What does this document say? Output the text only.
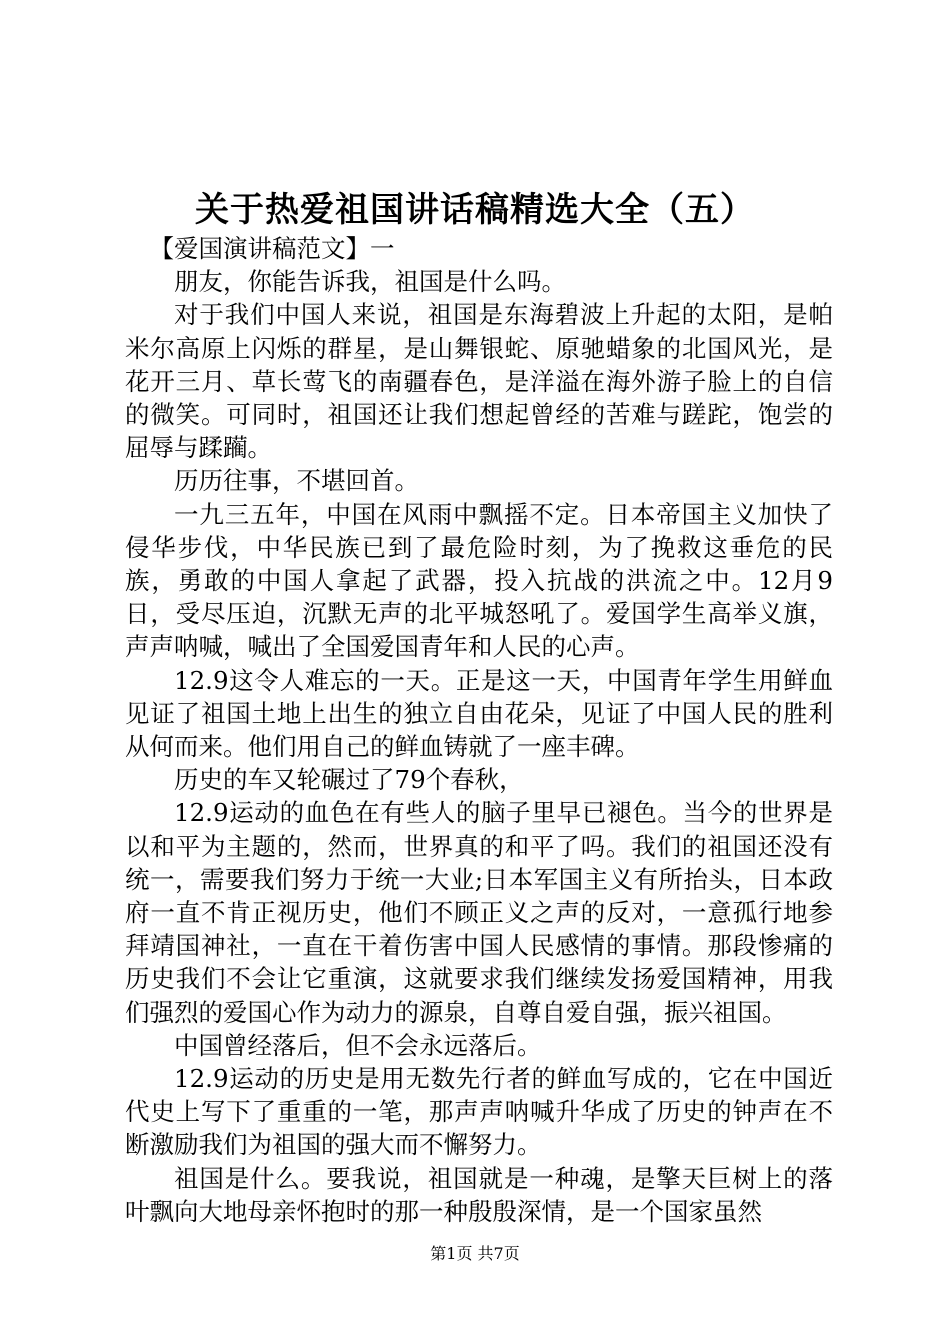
关于热爱祖国讲话稿精选大全（五）

【爱国演讲稿范文】一

朋友，你能告诉我，祖国是什么吗。

对于我们中国人来说，祖国是东海碧波上升起的太阳，是帕米尔高原上闪烁的群星，是山舞银蛇、原驰蜡象的北国风光，是花开三月、草长莺飞的南疆春色，是洋溢在海外游子脸上的自信的微笑。可同时，祖国还让我们想起曾经的苦难与蹉跎，饱尝的屈辱与蹂躏。

历历往事，不堪回首。

一九三五年，中国在风雨中飘摇不定。日本帝国主义加快了侵华步伐，中华民族已到了最危险时刻，为了挽救这垂危的民族，勇敢的中国人拿起了武器，投入抗战的洪流之中。12月9日，受尽压迫，沉默无声的北平城怒吼了。爱国学生高举义旗，声声呐喊，喊出了全国爱国青年和人民的心声。

12.9这令人难忘的一天。正是这一天，中国青年学生用鲜血见证了祖国土地上出生的独立自由花朵，见证了中国人民的胜利从何而来。他们用自己的鲜血铸就了一座丰碑。

历史的车又轮碾过了79个春秋，

12.9运动的血色在有些人的脑子里早已褪色。当今的世界是以和平为主题的，然而，世界真的和平了吗。我们的祖国还没有统一，需要我们努力于统一大业;日本军国主义有所抬头，日本政府一直不肯正视历史，他们不顾正义之声的反对，一意孤行地参拜靖国神社，一直在干着伤害中国人民感情的事情。那段惨痛的历史我们不会让它重演，这就要求我们继续发扬爱国精神，用我们强烈的爱国心作为动力的源泉，自尊自爱自强，振兴祖国。

中国曾经落后，但不会永远落后。

12.9运动的历史是用无数先行者的鲜血写成的，它在中国近代史上写下了重重的一笔，那声声呐喊升华成了历史的钟声在不断激励我们为祖国的强大而不懈努力。

祖国是什么。要我说，祖国就是一种魂，是擎天巨树上的落叶飘向大地母亲怀抱时的那一种殷殷深情，是一个国家虽然

第1页 共7页
